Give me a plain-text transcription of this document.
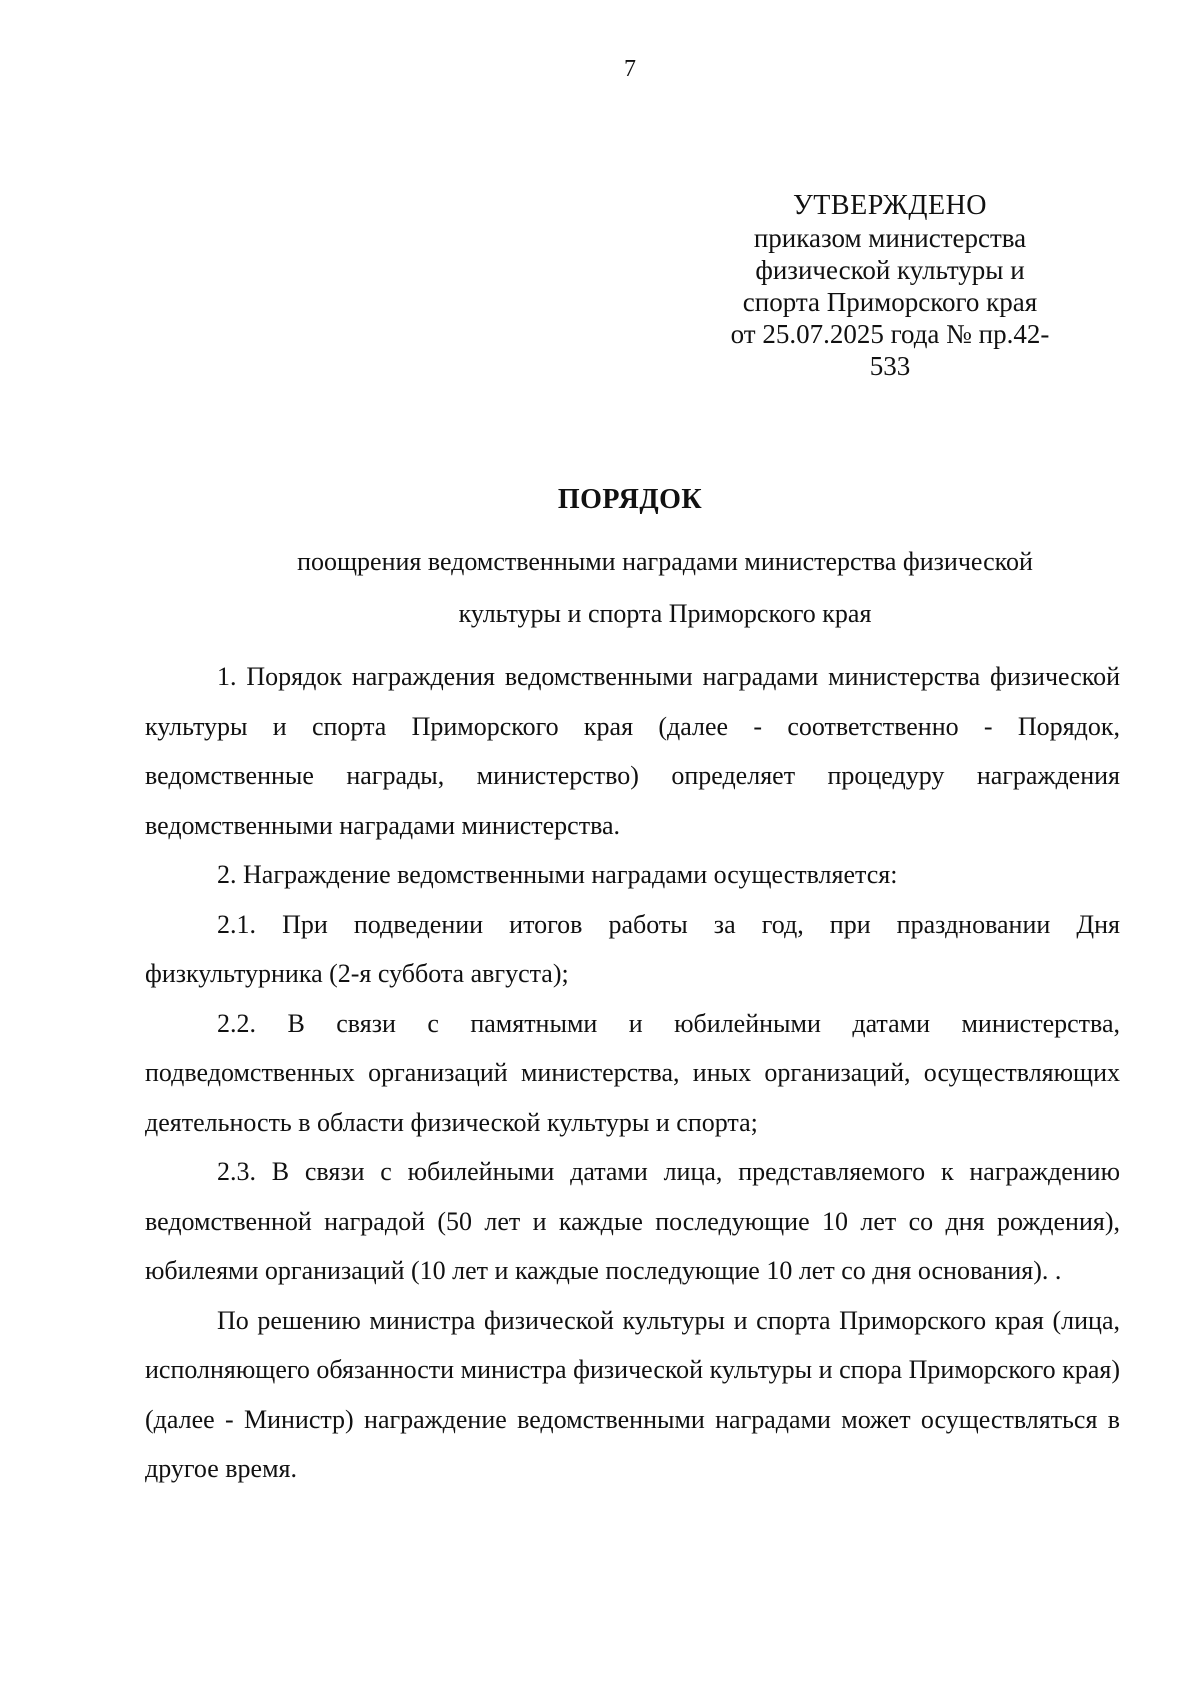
7
УТВЕРЖДЕНО
приказом министерства
физической культуры и
спорта Приморского края
от 25.07.2025 года № пр.42-
533
ПОРЯДОК
поощрения ведомственными наградами министерства физической
культуры и спорта Приморского края

1. Порядок награждения ведомственными наградами министерства физической культуры и спорта Приморского края (далее - соответственно - Порядок, ведомственные награды, министерство) определяет процедуру награждения ведомственными наградами министерства.

2. Награждение ведомственными наградами осуществляется:

2.1. При подведении итогов работы за год, при праздновании Дня физкультурника (2-я суббота августа);

2.2. В связи с памятными и юбилейными датами министерства, подведомственных организаций министерства, иных организаций, осуществляющих деятельность в области физической культуры и спорта;

2.3. В связи с юбилейными датами лица, представляемого к награждению ведомственной наградой (50 лет и каждые последующие 10 лет со дня рождения), юбилеями организаций (10 лет и каждые последующие 10 лет со дня основания). .

По решению министра физической культуры и спорта Приморского края (лица, исполняющего обязанности министра физической культуры и спора Приморского края) (далее - Министр) награждение ведомственными наградами может осуществляться в другое время.
